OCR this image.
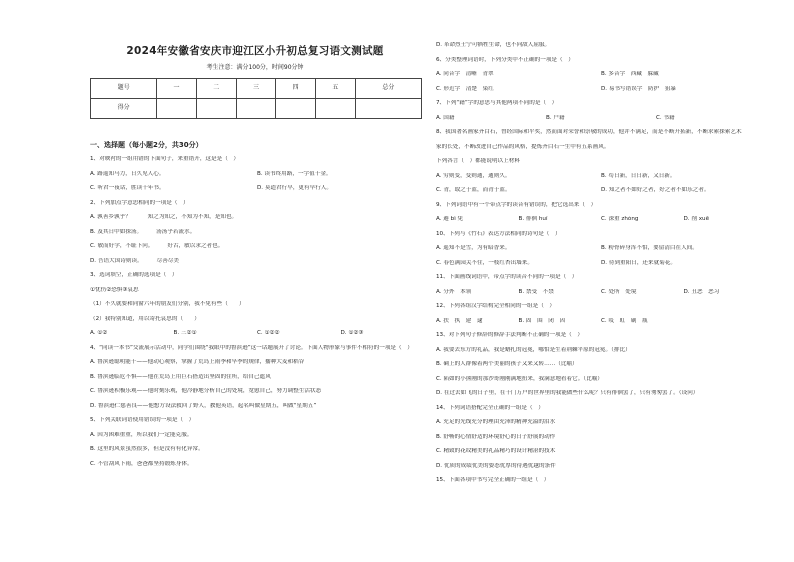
2024年安徽省安庆市迎江区小升初总复习语文测试题
考生注意：满分100分，时间90分钟
题号	一	二	三	四	五	总分
得分						
一、选择题（每小题2分，共30分）
1、对映衬的一组用错的下面句子，来重错开，这是是（　）
A. 路遥知马力，日久见人心。	B. 读书终用路，一字值千金。
C. 听君一夜话，胜读十年书。	D. 莫道君行早，更有早行人。
2、下列加点字意思相同的一项是（　）
A. 孰善乡孰乎？　　　知之为知之，不知为不知，是知也。
B. 及其日中如探汤。　　　汤汤乎若流水。
C. 敏而好学，不耻下问。　　　好古，敏以求之者也。
D. 吾语大国诗则读。　　　尽善尽美
3、选词填空，正确的选项是（　）
①忧伤②恐惧③哀思
（1）不久就要和同窗六年的朋友们分别，我不免有些（　　）
（2）我特别知道，用以寄托哀思的（　　）
A. ①②	B. 三②①	C. ①②②	D. ①②③
4、“同读一本书”交流展示活动中，同学们围绕“我眼中的鲁滨逊”这一话题展开了讨论。下面人物形象与事件不相符的一项是（　）
A. 鲁滨逊聪明能干——他动心观察，掌握了荒岛上雨季和旱季的规律，播种大麦和稻谷
B. 鲁滨逊临危不惧——他在荒岛上用巨石搭造出坚固的住所，给自己遮风
C. 鲁滨逊积极乐观——他时刻乐观，他冷静地分析自己的处境，宽慰自己，努力调整生活状态
D. 鲁滨逊仁慈善良——他想方设法救回了野人，教他英语，起名叫做星期五，叫做“星期五”
5、下列关联词语使用错误的一项是（　）
A. 因为困难重重，所以我们一定能克服。
B. 这里的风景虽然很多，但是没有有化异常。
C. 不管刮风下雨，爸爸都坚持锻炼身体。
D. 革命烈士宁可牺牲生命，也不向敌人屈服。
6、分类整理词语时，下列分类中不正确的一项是（　）
A. 同音字　清晰　青翠	B. 多音字　西藏　躲藏
C. 形近字　清楚　染红	D. 易书写错误字　防护　狙暴
7、下列“籍”字的意思与其他两项不同的是（　）
A. 国籍	B. 户籍	C. 书籍
8、我国著名画家齐白石，曾经国际和平奖，然而面对荣誉和崇敬的成功，他并不满足，而是不断开拓新，不断求索探索艺术
家的长处，不断改进自己作品的风格，提炼齐白石一生中有五系画风。
下列各言（　）都能说明以上材料
A. 穷则变，变则通，通则久。	B. 苟日新，日日新，又日新。
C. 青，取之于蓝，而青于蓝。	D. 知之者不如好之者，好之者不如乐之者。
9、下列词语中有一个带点字的读音有错误的，把它选出来（　）
A. 避 bì 免	B. 徘徊 huí	C. 深重 zhòng	D. 削 xuē
10、下列与《竹石》表达方法相同的诗句是（　）
A. 遥知不是雪，为有暗香来。	B. 粉骨碎身浑不怕，要留清白在人间。
C. 春色满园关不住，一枝红杏出墙来。	D. 待到重阳日，还来就菊花。
11、下面画线词语中，带点字的读音不同的一项是（　）
A. 分外　本领	B. 禁受　不禁	C. 处所　处境	D. 丑恶　恶习
12、下列各组汉字结构完全相同的一组是（　）
A. 扶　执　建　逮	B. 固　围　闭　因	C. 哎　虹　刷　瓶
13、对下列句子修辞的修辞手法判断不正确的一项是（　）
A. 我要去东方的礼品，我是蜡扎的冠冕，哪怕是生着荆棘平原的冠冕。（排比）
B. 碉上的人群像着两个美丽的孩子又来又转……（比喻）
C. 陷如的小熊刚的那沙哥刚刚满地扭来，我满意地看着它。（比喻）
D. 在过去如飞的日子里，在千门万户的世界里的我能做些什么呢？只有徘徊罢了，只有匆匆罢了。（设问）
14、下列词语搭配完全正确的一组是（　）
A. 充足的光线充分的理由充沛的精神充溢的泪水
B. 舒畅的心情舒适的环境舒心的日子舒展的动作
C. 精致的花纹精美的礼品精巧的设计精湛的技术
D. 优质的成绩优美的姿态优厚的待遇优越的条件
15、下面各项中书写完全正确的一组是（　）
